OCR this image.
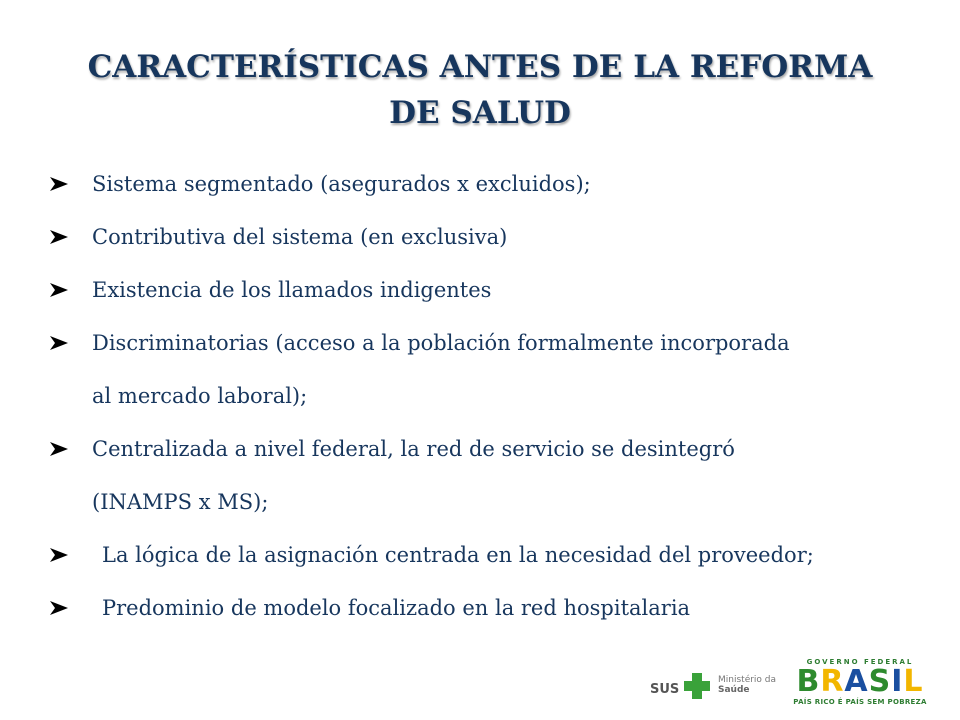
CARACTERÍSTICAS ANTES DE LA REFORMA DE SALUD
Sistema segmentado (asegurados x excluidos);
Contributiva del sistema (en exclusiva)
Existencia de los llamados indigentes
Discriminatorias (acceso a la población formalmente incorporada
al mercado laboral);
Centralizada a nivel federal, la red de servicio se desintegró
(INAMPS x MS);
La lógica de la asignación centrada en la necesidad del proveedor;
Predominio de modelo focalizado en la red hospitalaria
SUS
Ministério da
Saúde
GOVERNO FEDERAL
BRASIL
PAÍS RICO É PAÍS SEM POBREZA
